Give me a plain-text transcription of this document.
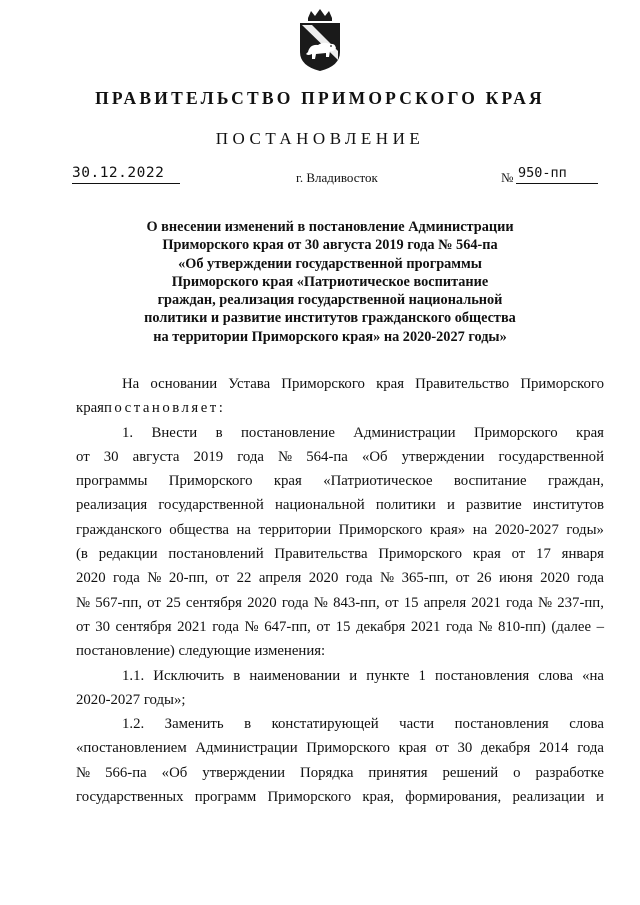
ПРАВИТЕЛЬСТВО ПРИМОРСКОГО КРАЯ
ПОСТАНОВЛЕНИЕ
30.12.2022	г. Владивосток	№ 950-пп
О внесении изменений в постановление Администрации
Приморского края от 30 августа 2019 года № 564-па
«Об утверждении государственной программы
Приморского края «Патриотическое воспитание
граждан, реализация государственной национальной
политики и развитие институтов гражданского общества
на территории Приморского края» на 2020-2027 годы»
На основании Устава Приморского края Правительство Приморского
края постановляет:
1. Внести в постановление Администрации Приморского края
от 30 августа 2019 года № 564-па «Об утверждении государственной
программы Приморского края «Патриотическое воспитание граждан,
реализация государственной национальной политики и развитие институтов
гражданского общества на территории Приморского края» на 2020-2027 годы»
(в редакции постановлений Правительства Приморского края от 17 января
2020 года № 20-пп, от 22 апреля 2020 года № 365-пп, от 26 июня 2020 года
№ 567-пп, от 25 сентября 2020 года № 843-пп, от 15 апреля 2021 года № 237-пп,
от 30 сентября 2021 года № 647-пп, от 15 декабря 2021 года № 810-пп) (далее –
постановление) следующие изменения:
1.1. Исключить в наименовании и пункте 1 постановления слова «на
2020-2027 годы»;
1.2. Заменить в констатирующей части постановления слова
«постановлением Администрации Приморского края от 30 декабря 2014 года
№ 566-па «Об утверждении Порядка принятия решений о разработке
государственных программ Приморского края, формирования, реализации и
